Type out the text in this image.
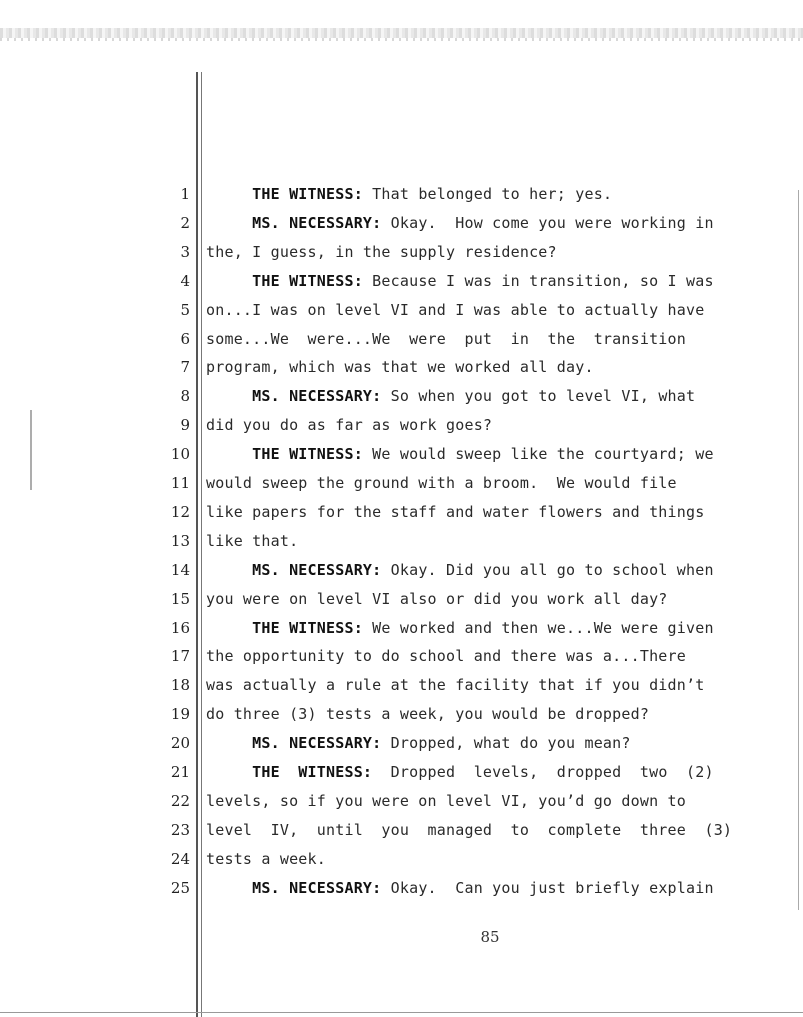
1	THE WITNESS: That belonged to her; yes.
2	MS. NECESSARY: Okay.  How come you were working in
3 the, I guess, in the supply residence?
4	THE WITNESS: Because I was in transition, so I was
5 on...I was on level VI and I was able to actually have
6 some...We  were...We  were  put  in  the  transition
7 program, which was that we worked all day.
8	MS. NECESSARY: So when you got to level VI, what
9 did you do as far as work goes?
10	THE WITNESS: We would sweep like the courtyard; we
11 would sweep the ground with a broom.  We would file
12 like papers for the staff and water flowers and things
13 like that.
14	MS. NECESSARY: Okay. Did you all go to school when
15 you were on level VI also or did you work all day?
16	THE WITNESS: We worked and then we...We were given
17 the opportunity to do school and there was a...There
18 was actually a rule at the facility that if you didn’t
19 do three (3) tests a week, you would be dropped?
20	MS. NECESSARY: Dropped, what do you mean?
21	THE  WITNESS:  Dropped  levels,  dropped  two  (2)
22 levels, so if you were on level VI, you’d go down to
23 level  IV,  until  you  managed  to  complete  three  (3)
24 tests a week.
25	MS. NECESSARY: Okay.  Can you just briefly explain
85
